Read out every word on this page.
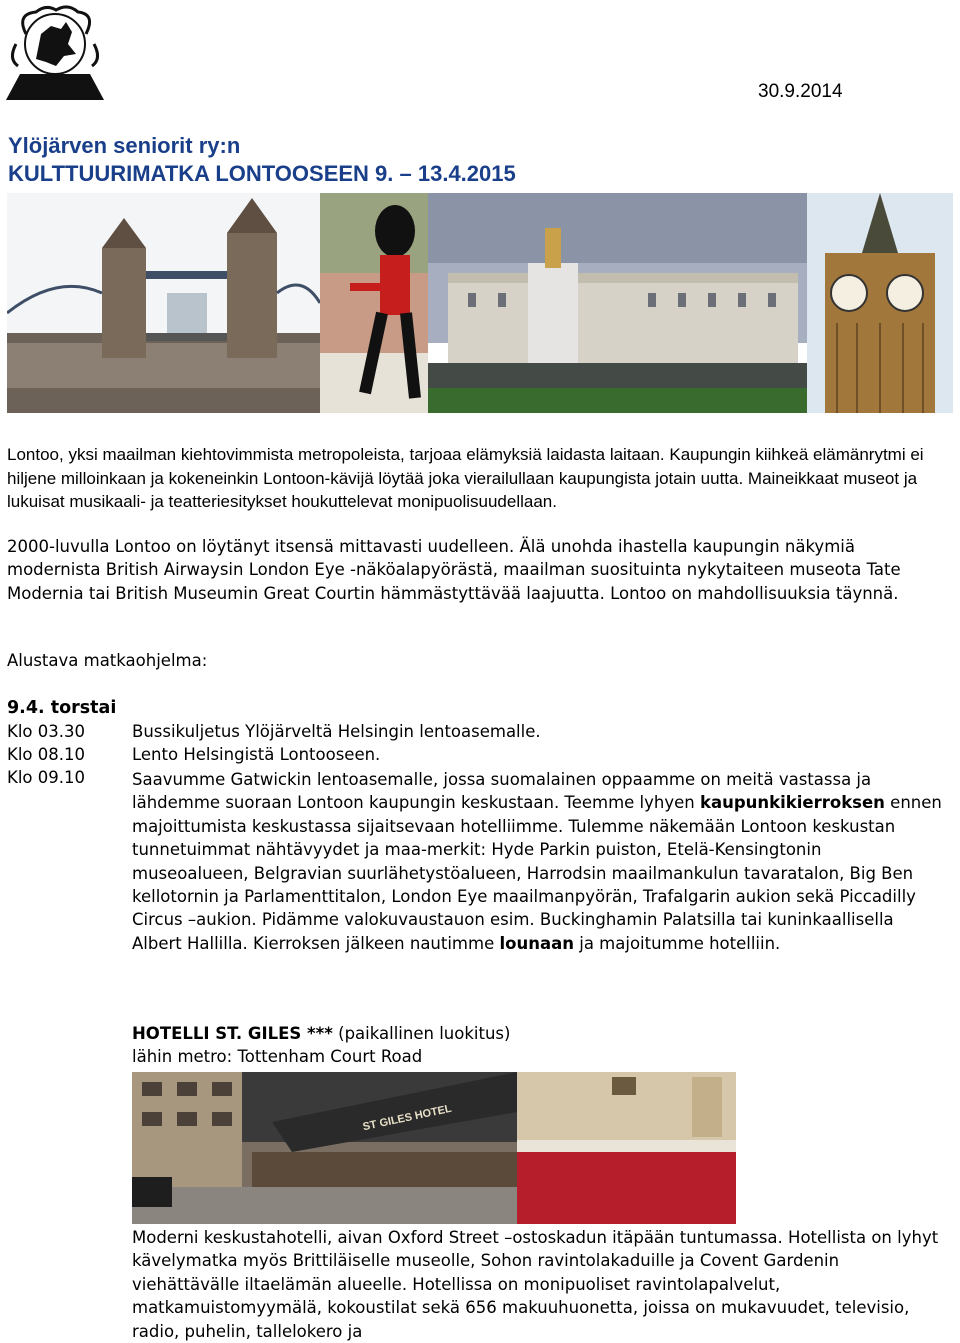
30.9.2014
Ylöjärven seniorit ry:n
KULTTUURIMATKA LONTOOSEEN 9. – 13.4.2015
Lontoo, yksi maailman kiehtovimmista metropoleista, tarjoaa elämyksiä laidasta laitaan. Kaupungin kiihkeä elämänrytmi ei hiljene milloinkaan ja kokeneinkin Lontoon-kävijä löytää joka vierailullaan kaupungista jotain uutta. Maineikkaat museot ja lukuisat musikaali- ja teatteriesitykset houkuttelevat monipuolisuudellaan.
2000-luvulla Lontoo on löytänyt itsensä mittavasti uudelleen. Älä unohda ihastella kaupungin näkymiä modernista British Airwaysin London Eye -näköalapyörästä, maailman suosituinta nykytaiteen museota Tate Modernia tai British Museumin Great Courtin hämmästyttävää laajuutta. Lontoo on mahdollisuuksia täynnä.
Alustava matkaohjelma:
9.4. torstai
Klo 03.30	Bussikuljetus Ylöjärveltä Helsingin lentoasemalle.
Klo 08.10	Lento Helsingistä Lontooseen.
Klo 09.10	Saavumme Gatwickin lentoasemalle, jossa suomalainen oppaamme on meitä vastassa ja lähdemme suoraan Lontoon kaupungin keskustaan. Teemme lyhyen kaupunkikierroksen ennen majoittumista keskustassa sijaitsevaan hotelliimme. Tulemme näkemään Lontoon keskustan tunnetuimmat nähtävyydet ja maa-merkit: Hyde Parkin puiston, Etelä-Kensingtonin museoalueen, Belgravian suurlähetystöalueen, Harrodsin maailmankulun tavaratalon, Big Ben kellotornin ja Parlamenttitalon, London Eye maailmanpyörän, Trafalgarin aukion sekä Piccadilly Circus –aukion. Pidämme valokuvaustauon esim. Buckinghamin Palatsilla tai kuninkaallisella Albert Hallilla. Kierroksen jälkeen nautimme lounaan ja majoitumme hotelliin.
HOTELLI ST. GILES *** (paikallinen luokitus)
lähin metro: Tottenham Court Road
ST GILES HOTEL
Moderni keskustahotelli, aivan Oxford Street –ostoskadun itäpään tuntumassa. Hotellista on lyhyt kävelymatka myös Brittiläiselle museolle, Sohon ravintolakaduille ja Covent Gardenin viehättävälle iltaelämän alueelle. Hotellissa on monipuoliset ravintolapalvelut, matkamuistomyymälä, kokoustilat sekä 656 makuuhuonetta, joissa on mukavuudet, televisio, radio, puhelin, tallelokero ja
